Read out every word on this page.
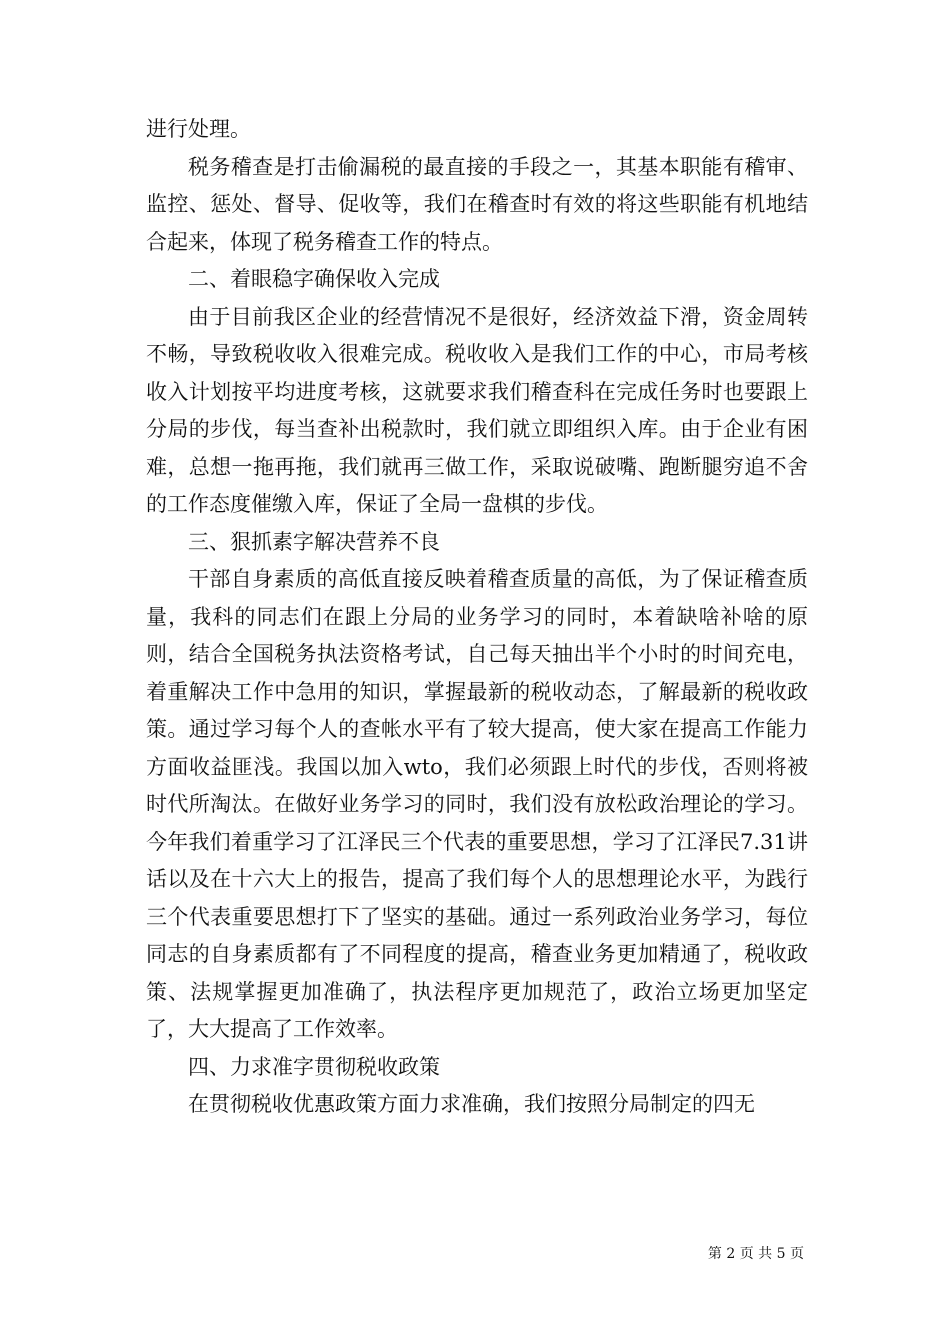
进行处理。

税务稽查是打击偷漏税的最直接的手段之一，其基本职能有稽审、监控、惩处、督导、促收等，我们在稽查时有效的将这些职能有机地结合起来，体现了税务稽查工作的特点。

二、着眼稳字确保收入完成

由于目前我区企业的经营情况不是很好，经济效益下滑，资金周转不畅，导致税收收入很难完成。税收收入是我们工作的中心，市局考核收入计划按平均进度考核，这就要求我们稽查科在完成任务时也要跟上分局的步伐，每当查补出税款时，我们就立即组织入库。由于企业有困难，总想一拖再拖，我们就再三做工作，采取说破嘴、跑断腿穷追不舍的工作态度催缴入库，保证了全局一盘棋的步伐。

三、狠抓素字解决营养不良

干部自身素质的高低直接反映着稽查质量的高低，为了保证稽查质量，我科的同志们在跟上分局的业务学习的同时，本着缺啥补啥的原则，结合全国税务执法资格考试，自己每天抽出半个小时的时间充电，着重解决工作中急用的知识，掌握最新的税收动态，了解最新的税收政策。通过学习每个人的查帐水平有了较大提高，使大家在提高工作能力方面收益匪浅。我国以加入wto，我们必须跟上时代的步伐，否则将被时代所淘汰。在做好业务学习的同时，我们没有放松政治理论的学习。今年我们着重学习了江泽民三个代表的重要思想，学习了江泽民7.31讲话以及在十六大上的报告，提高了我们每个人的思想理论水平，为践行三个代表重要思想打下了坚实的基础。通过一系列政治业务学习，每位同志的自身素质都有了不同程度的提高，稽查业务更加精通了，税收政策、法规掌握更加准确了，执法程序更加规范了，政治立场更加坚定了，大大提高了工作效率。

四、力求准字贯彻税收政策

在贯彻税收优惠政策方面力求准确，我们按照分局制定的四无

第 2 页 共 5 页
